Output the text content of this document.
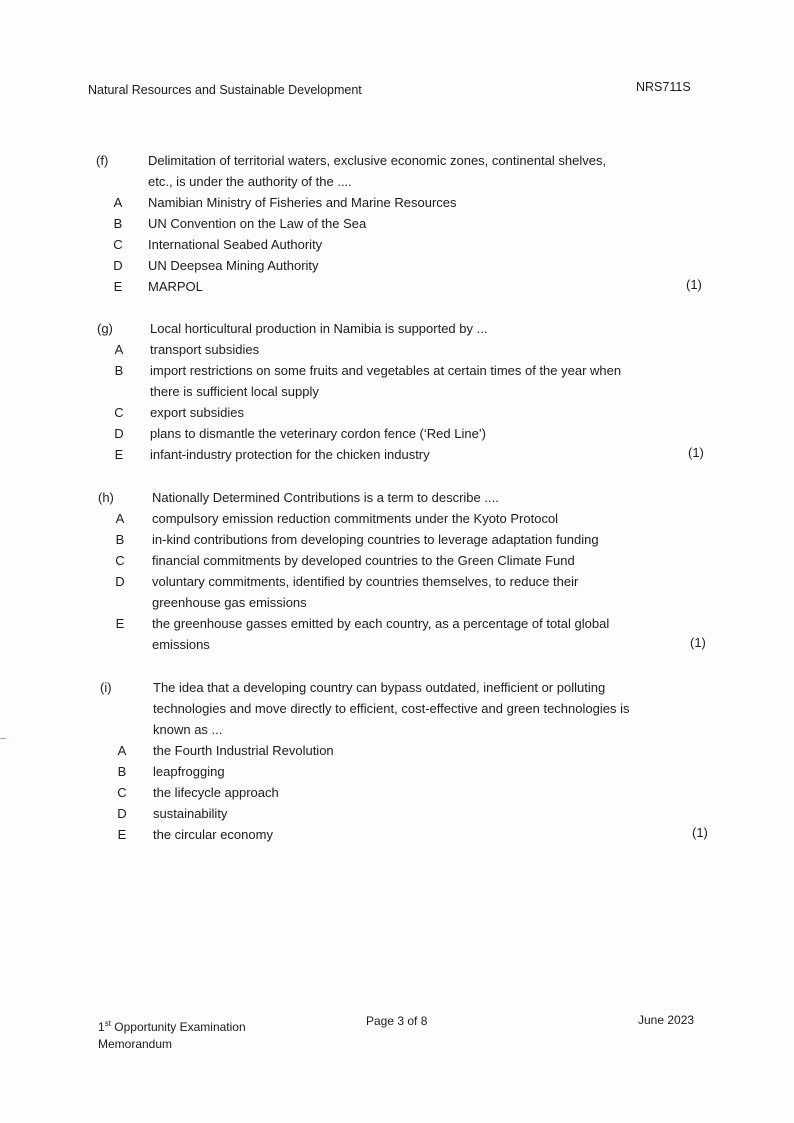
Natural Resources and Sustainable Development	NRS711S
(f)	Delimitation of territorial waters, exclusive economic zones, continental shelves,
etc., is under the authority of the ....
A Namibian Ministry of Fisheries and Marine Resources
B UN Convention on the Law of the Sea
C International Seabed Authority
D UN Deepsea Mining Authority
E MARPOL	(1)
(g)	Local horticultural production in Namibia is supported by ...
A transport subsidies
B import restrictions on some fruits and vegetables at certain times of the year when
there is sufficient local supply
C export subsidies
D plans to dismantle the veterinary cordon fence (‘Red Line’)
E infant-industry protection for the chicken industry	(1)
(h)	Nationally Determined Contributions is a term to describe ....
A compulsory emission reduction commitments under the Kyoto Protocol
B in-kind contributions from developing countries to leverage adaptation funding
C financial commitments by developed countries to the Green Climate Fund
D voluntary commitments, identified by countries themselves, to reduce their
greenhouse gas emissions
E the greenhouse gasses emitted by each country, as a percentage of total global
emissions	(1)
(i)	The idea that a developing country can bypass outdated, inefficient or polluting
technologies and move directly to efficient, cost-effective and green technologies is
known as ...
A the Fourth Industrial Revolution
B leapfrogging
C the lifecycle approach
D sustainability
E the circular economy	(1)
1st Opportunity Examination
Memorandum
Page 3 of 8	June 2023
